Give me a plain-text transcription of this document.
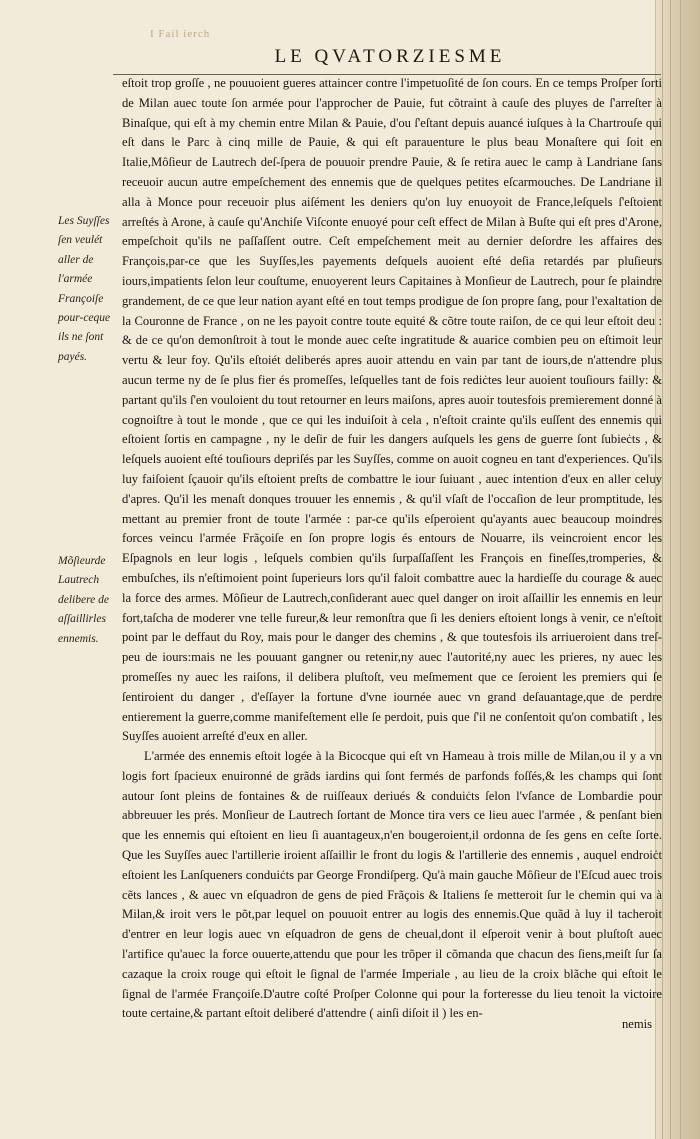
I Fail ierch
LE QVATORZIESME
Les Suyſſes
ſen veulét
aller de
l'armée
Françoiſe
pour-ceque
ils ne ſont
payés.
Mõſieurde
Lautrech
delibere de
aſſaillirles
ennemis.

eſtoit trop groſſe , ne pouuoient gueres attaincer contre l'impetuoſité de ſon cours. En ce temps Proſper ſorti de Milan auec toute ſon armée pour l'approcher de Pauie, fut cõtraint à cauſe des pluyes de ſ'arreſter à Binaſque, qui eſt à my chemin entre Milan & Pauie, d'ou ſ'eſtant depuis auancé iuſques à la Chartrouſe qui eſt dans le Parc à cinq mille de Pauie, & qui eſt parauenture le plus beau Monaſtere qui ſoit en Italie,Môſieur de Lautrech deſ-ſpera de pouuoir prendre Pauie, & ſe retira auec le camp à Landriane ſans receuoir aucun autre empeſchement des ennemis que de quelques petites eſcarmouches. De Landriane il alla à Monce pour receuoir plus aiſément les deniers qu'on luy enuoyoit de France,leſquels ſ'eſtoient arreſtés à Arone, à cauſe qu'Anchiſe Viſconte enuoyé pour ceſt effect de Milan à Buſte qui eſt pres d'Arone, empeſchoit qu'ils ne paſſaſſent outre. Ceſt empeſchement meit au dernier deſordre les affaires des François,par-ce que les Suyſſes,les payements deſquels auoient eſté deſia retardés par pluſieurs iours,impatients ſelon leur couſtume, enuoyerent leurs Capitaines à Monſieur de Lautrech, pour ſe plaindre grandement, de ce que leur nation ayant eſté en tout temps prodigue de ſon propre ſang, pour l'exaltation de la Couronne de France , on ne les payoit contre toute equité & cõtre toute raiſon, de ce qui leur eſtoit deu : & de ce qu'on demonſtroit à tout le monde auec ceſte ingratitude & auarice combien peu on eſtimoit leur vertu & leur foy. Qu'ils eſtoiét deliberés apres auoir attendu en vain par tant de iours,de n'attendre plus aucun terme ny de ſe plus fier és promeſſes, leſquelles tant de fois rediċtes leur auoient touſiours failly: & partant qu'ils ſ'en vouloient du tout retourner en leurs maiſons, apres auoir toutesfois premierement donné à cognoiſtre à tout le monde , que ce qui les induiſoit à cela , n'eſtoit crainte qu'ils euſſent des ennemis qui eſtoient ſortis en campagne , ny le deſir de fuir les dangers auſquels les gens de guerre ſont ſubieċts , & leſquels auoient eſté touſiours depriſés par les Suyſſes, comme on auoit cogneu en tant d'experiences. Qu'ils luy faiſoient ſçauoir qu'ils eſtoient preſts de combattre le iour ſuiuant , auec intention d'eux en aller celuy d'apres. Qu'il les menaſt donques trouuer les ennemis , & qu'il vſaſt de l'occaſion de leur promptitude, les mettant au premier front de toute l'armée : par-ce qu'ils eſperoient qu'ayants auec beaucoup moindres forces veincu l'armée Frãçoiſe en ſon propre logis és entours de Nouarre, ils veincroient encor les Eſpagnols en leur logis , leſquels combien qu'ils ſurpaſſaſſent les François en fineſſes,tromperies, & embuſches, ils n'eſtimoient point ſuperieurs lors qu'il faloit combattre auec la hardieſſe du courage & auec la force des armes. Môſieur de Lautrech,conſiderant auec quel danger on iroit aſſaillir les ennemis en leur fort,taſcha de moderer vne telle fureur,& leur remonſtra que ſi les deniers eſtoient longs à venir, ce n'eſtoit point par le deffaut du Roy, mais pour le danger des chemins , & que toutesfois ils arriueroient dans treſ-peu de iours:mais ne les pouuant gangner ou retenir,ny auec l'autorité,ny auec les prieres, ny auec les promeſſes ny auec les raiſons, il delibera pluſtoſt, veu meſmement que ce ſeroient les premiers qui ſe ſentiroient du danger , d'eſſayer la fortune d'vne iournée auec vn grand deſauantage,que de perdre entierement la guerre,comme manifeſtement elle ſe perdoit, puis que ſ'il ne conſentoit qu'on combatiſt , les Suyſſes auoient arreſté d'eux en aller.

L'armée des ennemis eſtoit logée à la Bicocque qui eſt vn Hameau à trois mille de Milan,ou il y a vn logis fort ſpacieux enuironné de grãds iardins qui ſont fermés de parfonds foſſés,& les champs qui ſont autour ſont pleins de fontaines & de ruiſſeaux deriués & conduiċts ſelon l'vſance de Lombardie pour abbreuuer les prés. Monſieur de Lautrech ſortant de Monce tira vers ce lieu auec l'armée , & penſant bien que les ennemis qui eſtoient en lieu ſi auantageux,n'en bougeroient,il ordonna de ſes gens en ceſte ſorte. Que les Suyſſes auec l'artillerie iroient aſſaillir le front du logis & l'artillerie des ennemis , auquel endroiċt eſtoient les Lanſqueners conduiċts par George Frondiſperg. Qu'à main gauche Môſieur de l'Eſcud auec trois cẽts lances , & auec vn eſquadron de gens de pied Frãçois & Italiens ſe metteroit ſur le chemin qui va à Milan,& iroit vers le põt,par lequel on pouuoit entrer au logis des ennemis.Que quãd à luy il tacheroit d'entrer en leur logis auec vn eſquadron de gens de cheual,dont il eſperoit venir à bout pluſtoſt auec l'artifice qu'auec la force ouuerte,attendu que pour les trõper il cõmanda que chacun des ſiens,meiſt ſur ſa cazaque la croix rouge qui eſtoit le ſignal de l'armée Imperiale , au lieu de la croix blãche qui eſtoit le ſignal de l'armée Françoiſe.D'autre coſté Proſper Colonne qui pour la forteresse du lieu tenoit la victoire toute certaine,& partant eſtoit deliberé d'attendre ( ainſi diſoit il ) les en-

nemis
